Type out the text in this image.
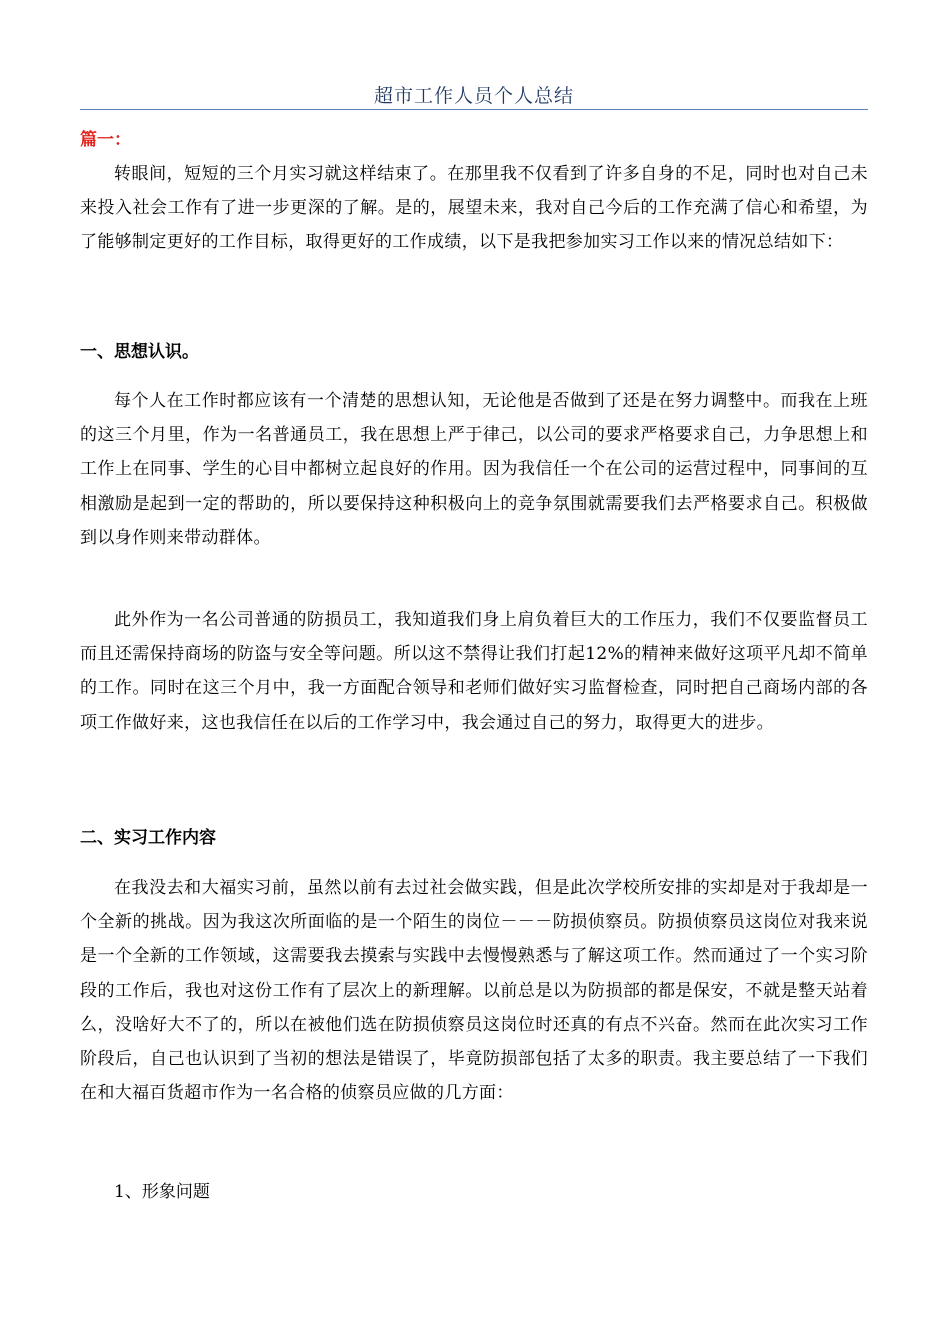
超市工作人员个人总结
篇一：

转眼间，短短的三个月实习就这样结束了。在那里我不仅看到了许多自身的不足，同时也对自己未来投入社会工作有了进一步更深的了解。是的，展望未来，我对自己今后的工作充满了信心和希望，为了能够制定更好的工作目标，取得更好的工作成绩，以下是我把参加实习工作以来的情况总结如下：

一、思想认识。

每个人在工作时都应该有一个清楚的思想认知，无论他是否做到了还是在努力调整中。而我在上班的这三个月里，作为一名普通员工，我在思想上严于律己，以公司的要求严格要求自己，力争思想上和工作上在同事、学生的心目中都树立起良好的作用。因为我信任一个在公司的运营过程中，同事间的互相激励是起到一定的帮助的，所以要保持这种积极向上的竞争氛围就需要我们去严格要求自己。积极做到以身作则来带动群体。

此外作为一名公司普通的防损员工，我知道我们身上肩负着巨大的工作压力，我们不仅要监督员工而且还需保持商场的防盗与安全等问题。所以这不禁得让我们打起12%的精神来做好这项平凡却不简单的工作。同时在这三个月中，我一方面配合领导和老师们做好实习监督检查，同时把自己商场内部的各项工作做好来，这也我信任在以后的工作学习中，我会通过自己的努力，取得更大的进步。

二、实习工作内容

在我没去和大福实习前，虽然以前有去过社会做实践，但是此次学校所安排的实却是对于我却是一个全新的挑战。因为我这次所面临的是一个陌生的岗位－－－防损侦察员。防损侦察员这岗位对我来说是一个全新的工作领域，这需要我去摸索与实践中去慢慢熟悉与了解这项工作。然而通过了一个实习阶段的工作后，我也对这份工作有了层次上的新理解。以前总是以为防损部的都是保安，不就是整天站着么，没啥好大不了的，所以在被他们选在防损侦察员这岗位时还真的有点不兴奋。然而在此次实习工作阶段后，自己也认识到了当初的想法是错误了，毕竟防损部包括了太多的职责。我主要总结了一下我们在和大福百货超市作为一名合格的侦察员应做的几方面：

1、形象问题
